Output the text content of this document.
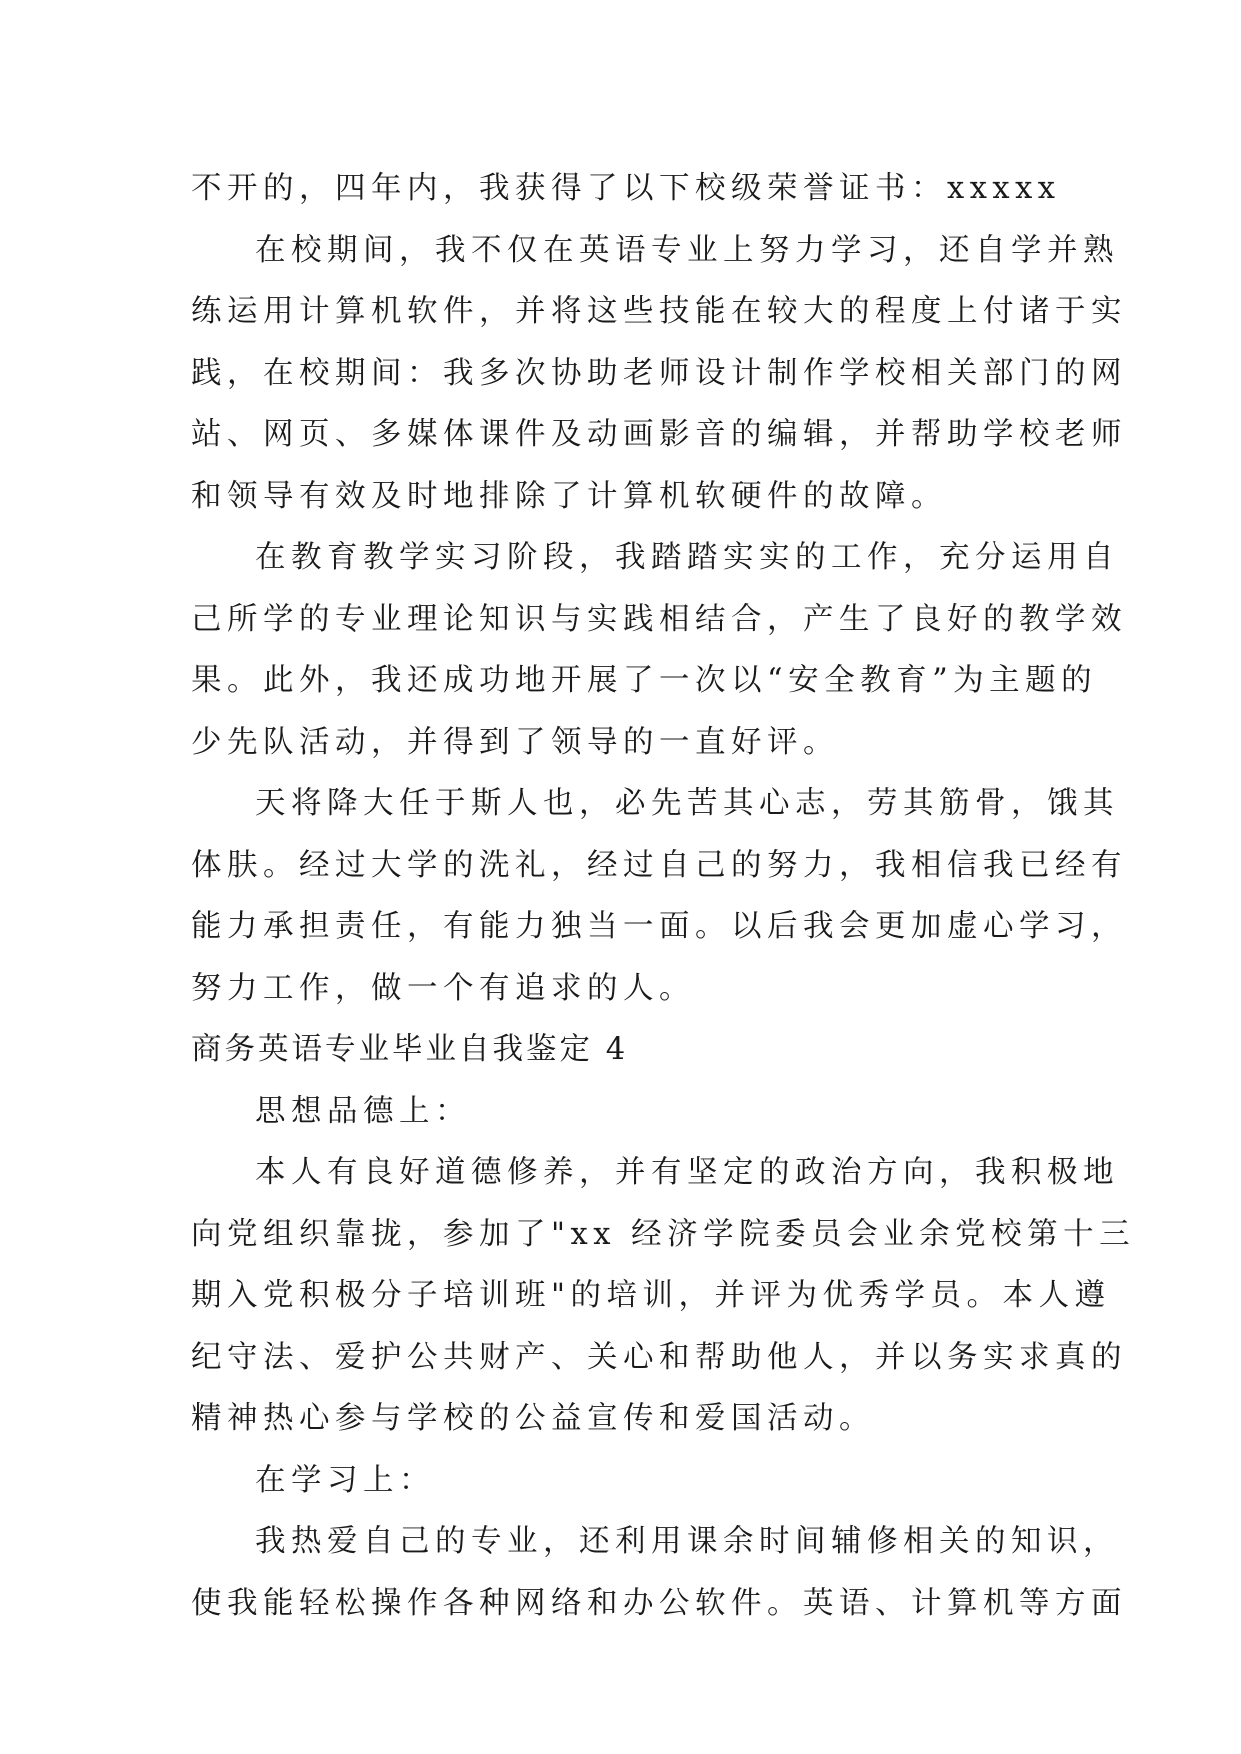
不开的，四年内，我获得了以下校级荣誉证书：xxxxx
在校期间，我不仅在英语专业上努力学习，还自学并熟
练运用计算机软件，并将这些技能在较大的程度上付诸于实
践，在校期间：我多次协助老师设计制作学校相关部门的网
站、网页、多媒体课件及动画影音的编辑，并帮助学校老师
和领导有效及时地排除了计算机软硬件的故障。
在教育教学实习阶段，我踏踏实实的工作，充分运用自
己所学的专业理论知识与实践相结合，产生了良好的教学效
果。此外，我还成功地开展了一次以“安全教育”为主题的
少先队活动，并得到了领导的一直好评。
天将降大任于斯人也，必先苦其心志，劳其筋骨，饿其
体肤。经过大学的洗礼，经过自己的努力，我相信我已经有
能力承担责任，有能力独当一面。以后我会更加虚心学习，
努力工作，做一个有追求的人。
商务英语专业毕业自我鉴定 4
思想品德上：
本人有良好道德修养，并有坚定的政治方向，我积极地
向党组织靠拢，参加了"xx 经济学院委员会业余党校第十三
期入党积极分子培训班"的培训，并评为优秀学员。本人遵
纪守法、爱护公共财产、关心和帮助他人，并以务实求真的
精神热心参与学校的公益宣传和爱国活动。
在学习上：
我热爱自己的专业，还利用课余时间辅修相关的知识，
使我能轻松操作各种网络和办公软件。英语、计算机等方面
